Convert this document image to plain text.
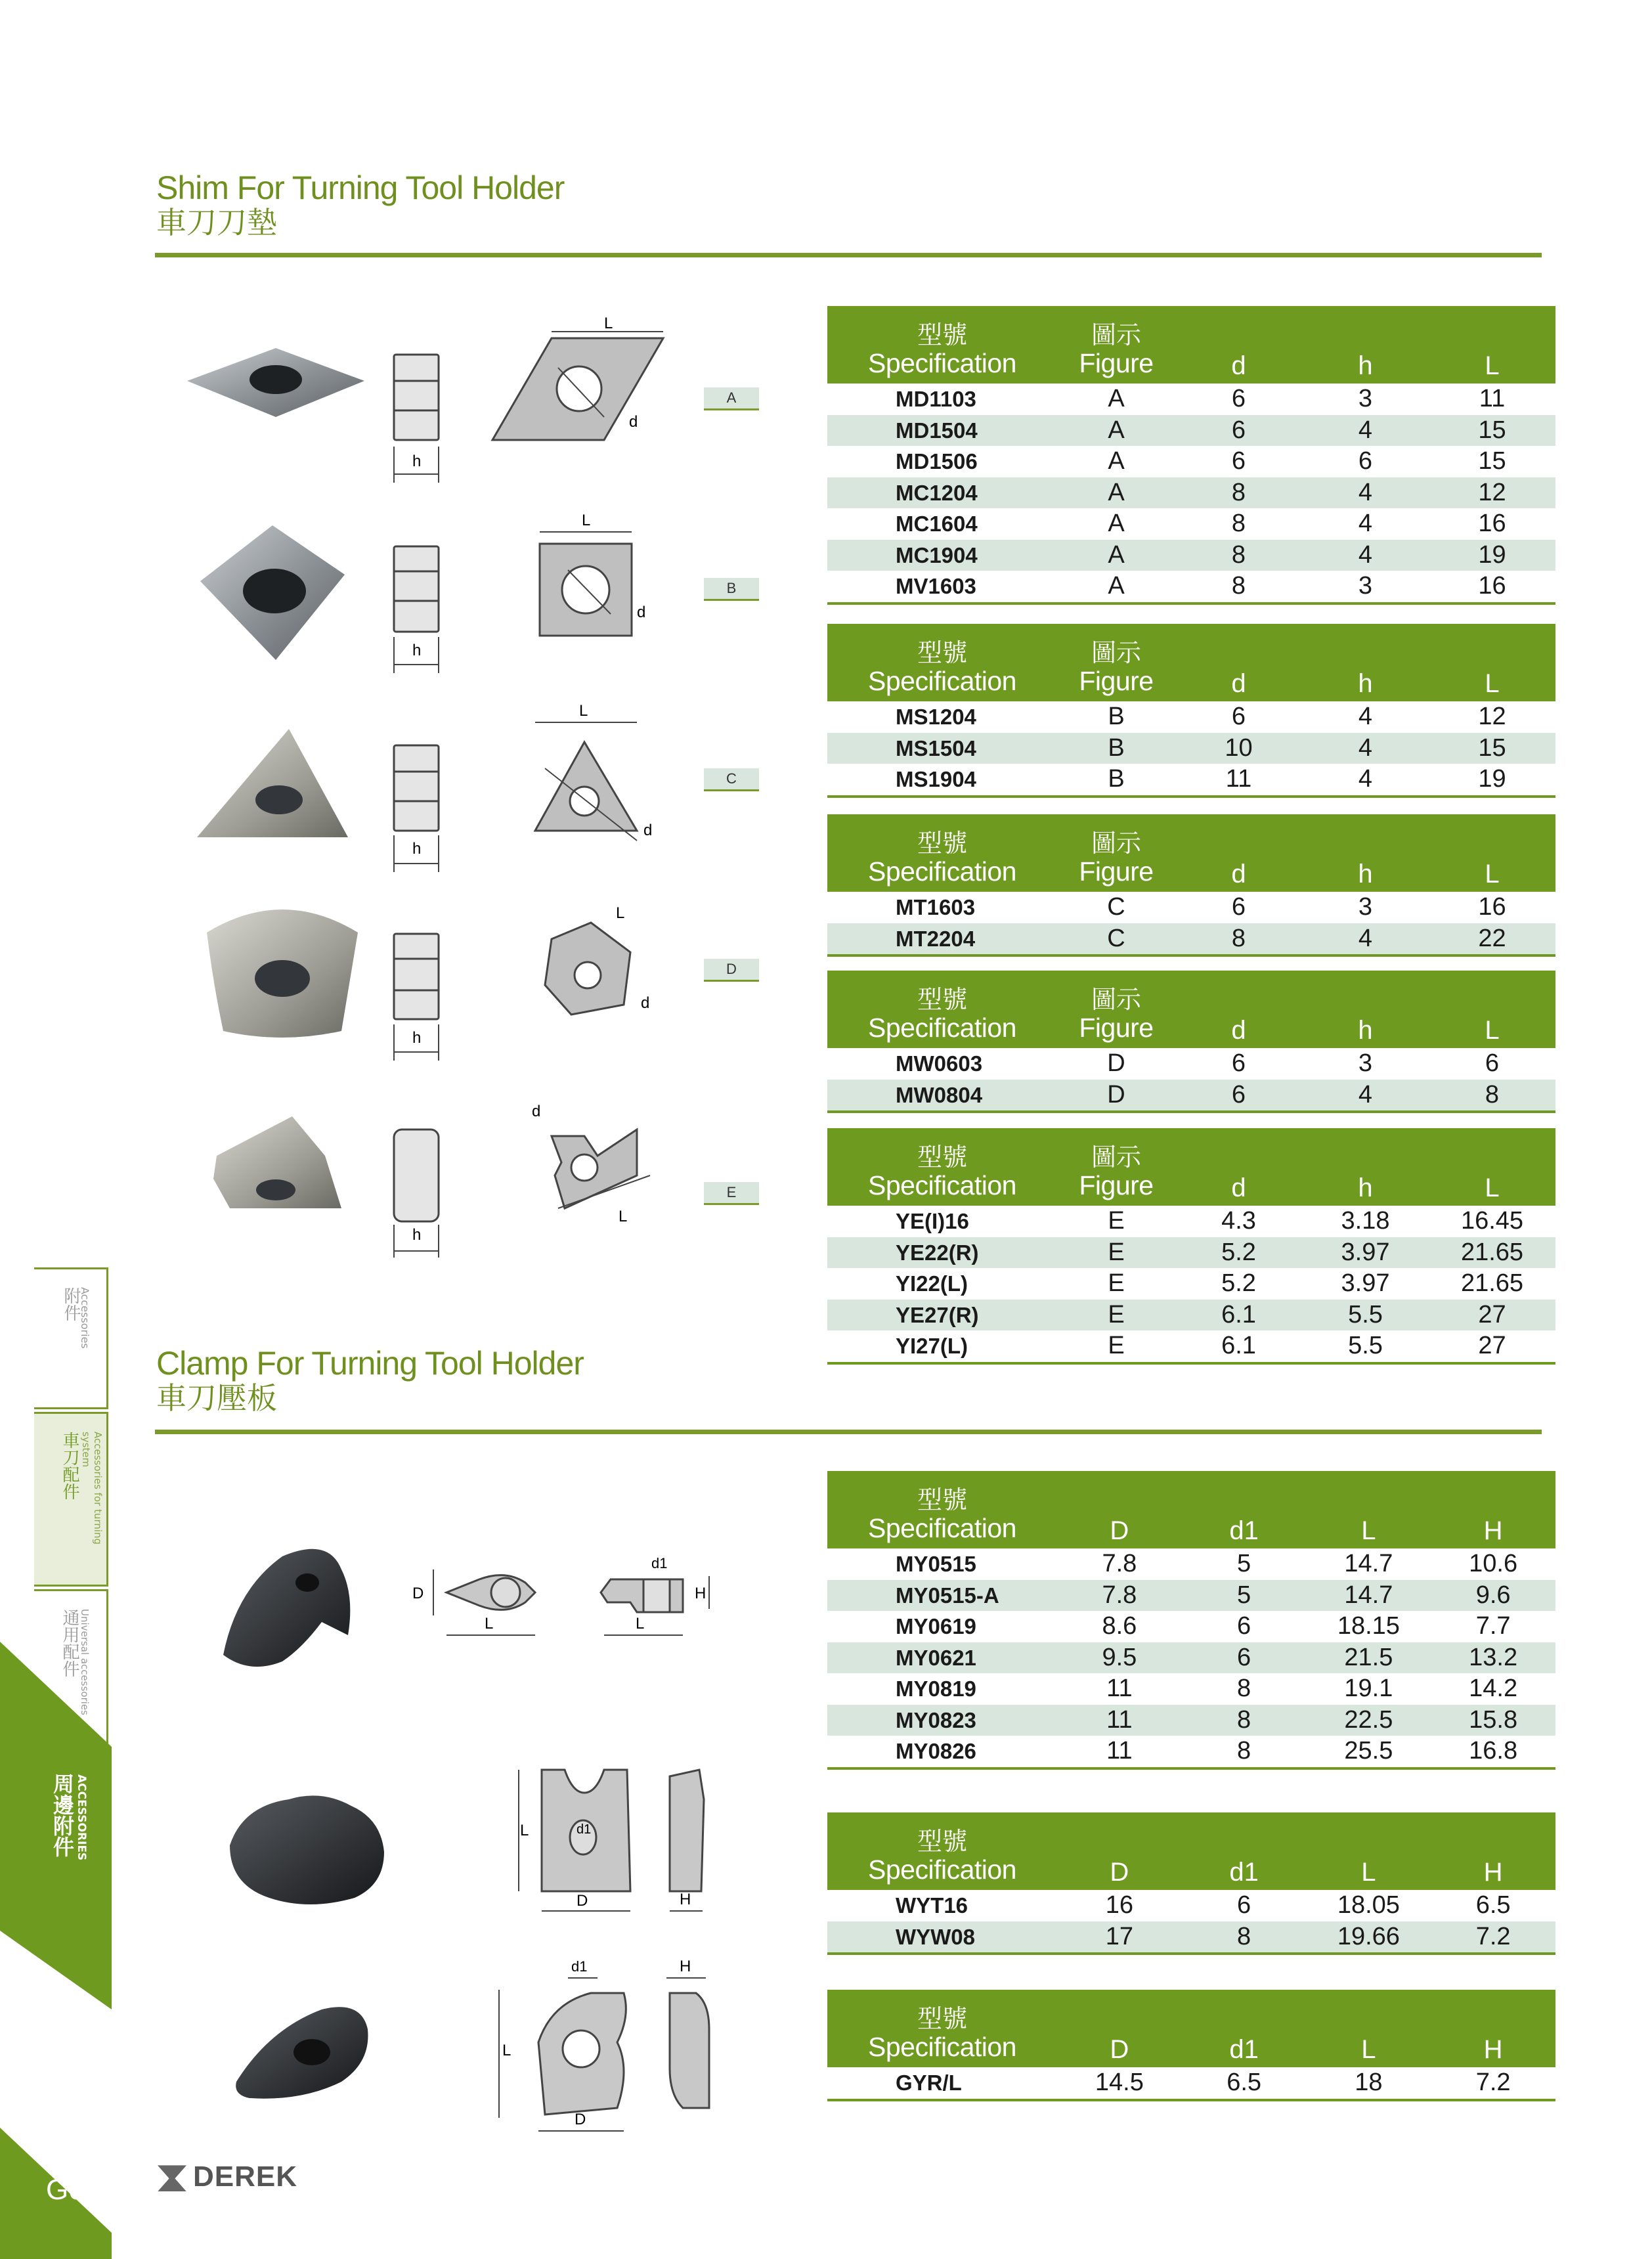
Shim For Turning Tool Holder
車刀刀墊
h
L
d
h
L
d
h
L
d
h
L
d
h
d
L
A
B
C
D
E
型號
Specification	圖示
Figure	d	h	L

MD1103	A	6	3	11
MD1504	A	6	4	15
MD1506	A	6	6	15
MC1204	A	8	4	12
MC1604	A	8	4	16
MC1904	A	8	4	19
MV1603	A	8	3	16
型號
Specification	圖示
Figure	d	h	L

MS1204	B	6	4	12
MS1504	B	10	4	15
MS1904	B	11	4	19
型號
Specification	圖示
Figure	d	h	L

MT1603	C	6	3	16
MT2204	C	8	4	22
型號
Specification	圖示
Figure	d	h	L

MW0603	D	6	3	6
MW0804	D	6	4	8
型號
Specification	圖示
Figure	d	h	L

YE(I)16	E	4.3	3.18	16.45
YE22(R)	E	5.2	3.97	21.65
YI22(L)	E	5.2	3.97	21.65
YE27(R)	E	6.1	5.5	27
YI27(L)	E	6.1	5.5	27
Clamp For Turning Tool Holder
車刀壓板
D
L
d1
L
H
d1
L
D	H
L
D
d1	H
型號
Specification	D	d1	L	H

MY0515	7.8	5	14.7	10.6
MY0515-A	7.8	5	14.7	9.6
MY0619	8.6	6	18.15	7.7
MY0621	9.5	6	21.5	13.2
MY0819	11	8	19.1	14.2
MY0823	11	8	22.5	15.8
MY0826	11	8	25.5	16.8
型號
Specification	D	d1	L	H

WYT16	16	6	18.05	6.5
WYW08	17	8	19.66	7.2
型號
Specification	D	d1	L	H

GYR/L	14.5	6.5	18	7.2
附件
Accessories
車刀配件	Accessories for turning system
通用配件 Universal accessories
周邊附件 ACCESSORIES
G09	DEREK
